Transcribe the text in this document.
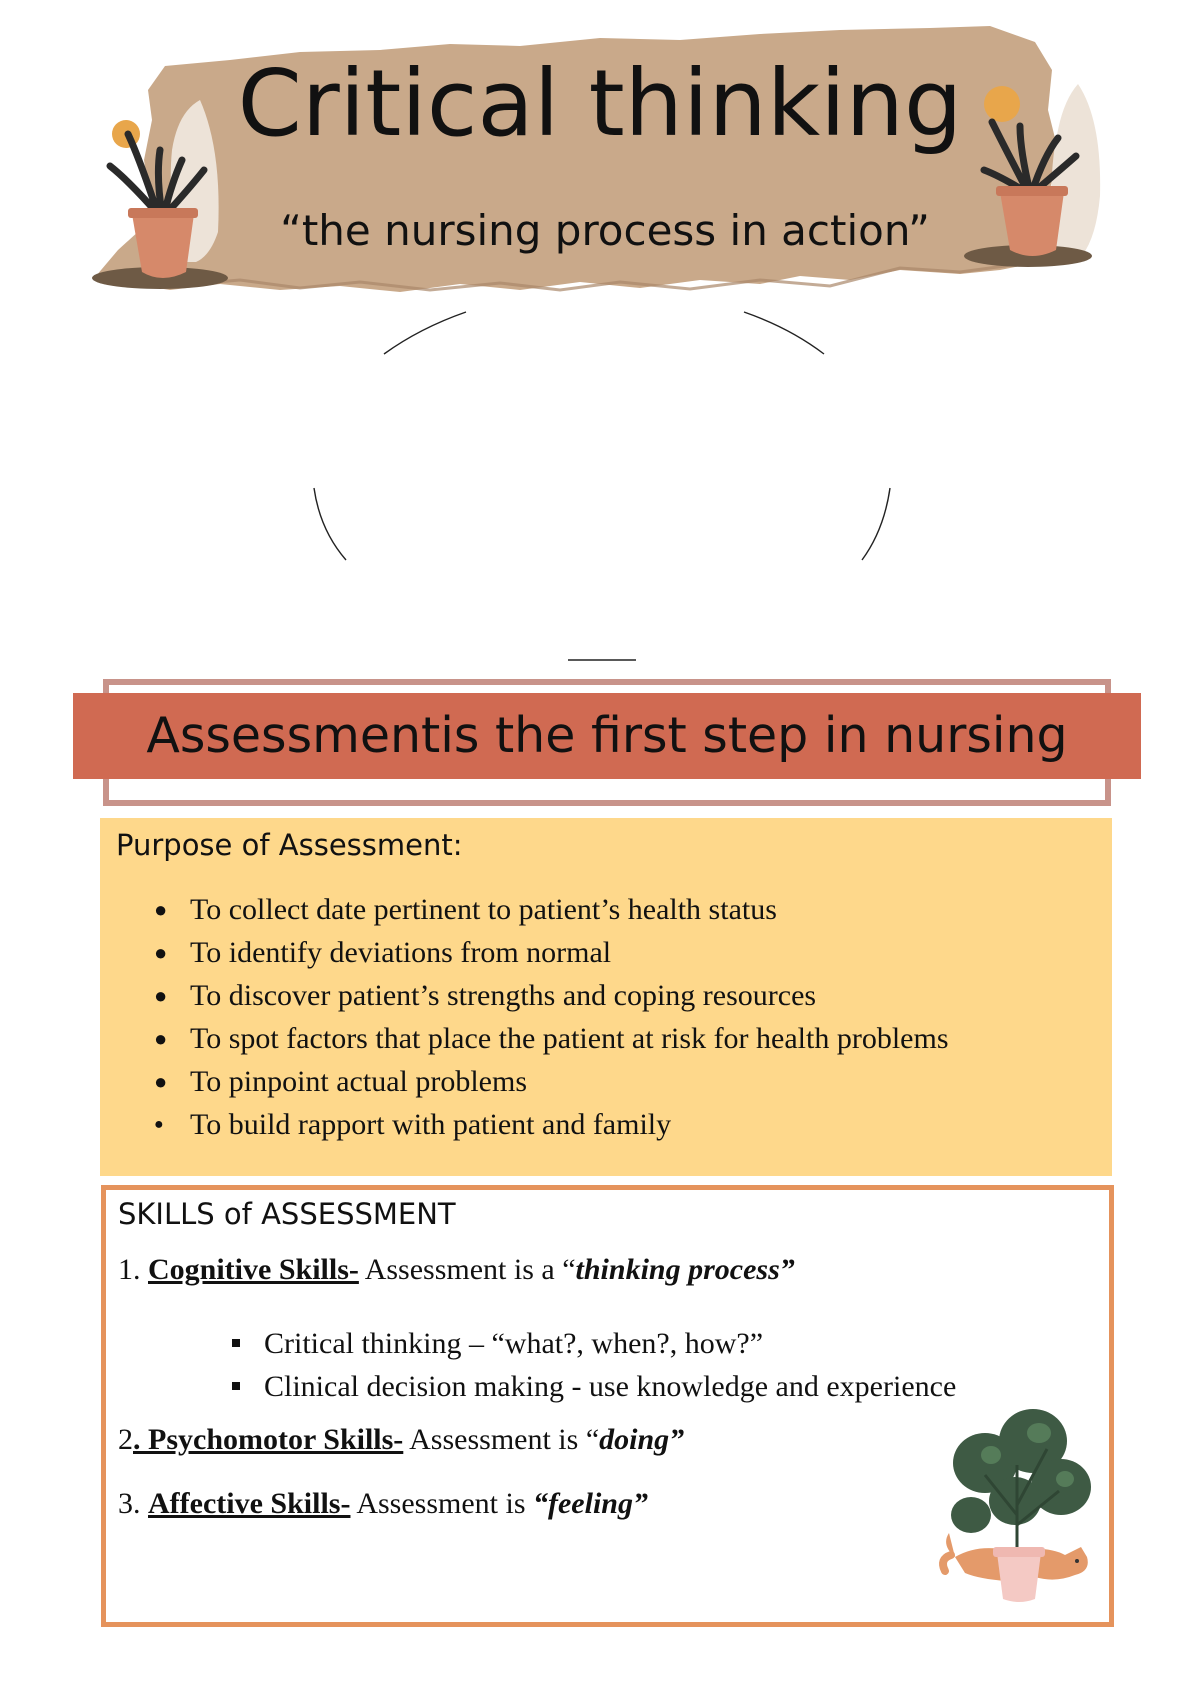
Critical thinking
“the nursing process in action”
Assessmentis the first step in nursing
Purpose of Assessment:
● To collect date pertinent to patient’s health status
● To identify deviations from normal
● To discover patient’s strengths and coping resources
● To spot factors that place the patient at risk for health problems
● To pinpoint actual problems
● To build rapport with patient and family
SKILLS of ASSESSMENT
1. Cognitive Skills- Assessment is a “thinking process”
Critical thinking – “what?, when?, how?”
Clinical decision making - use knowledge and experience
2. Psychomotor Skills- Assessment is “doing”
3. Affective Skills- Assessment is “feeling”
